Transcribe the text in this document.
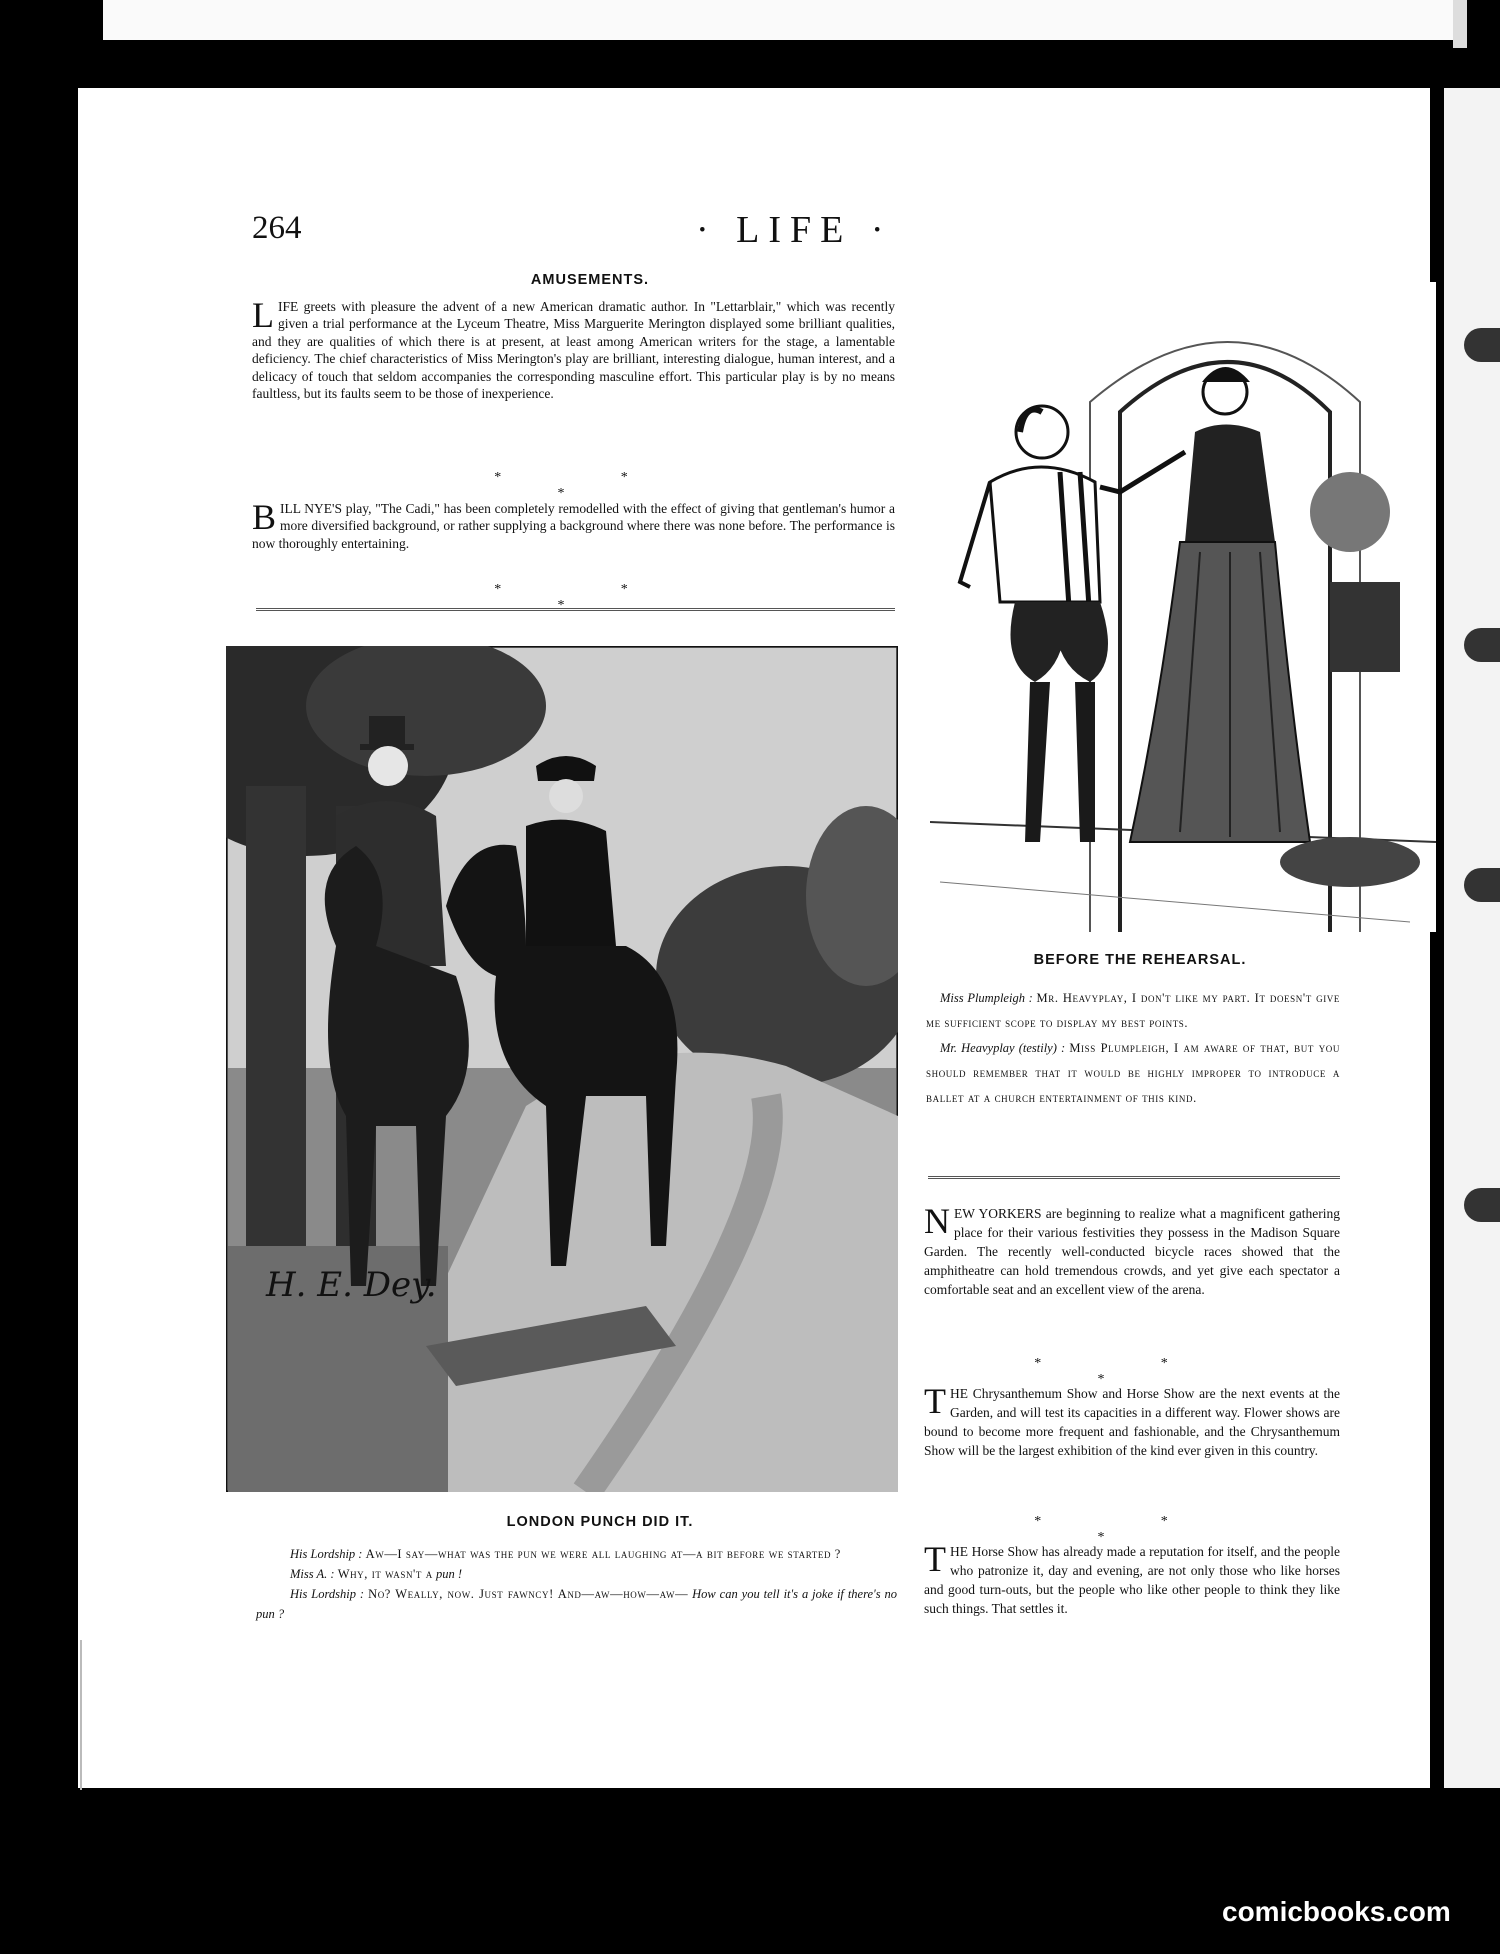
264	· LIFE ·
AMUSEMENTS.
L IFE greets with pleasure the advent of a new American dramatic author. In "Lettarblair," which was recently given a trial performance at the Lyceum Theatre, Miss Marguerite Merington displayed some brilliant qualities, and they are qualities of which there is at present, at least among American writers for the stage, a lamentable deficiency. The chief characteristics of Miss Merington's play are brilliant, interesting dialogue, human interest, and a delicacy of touch that seldom accompanies the corresponding masculine effort. This particular play is by no means faultless, but its faults seem to be those of inexperience.
* * *
B ILL NYE'S play, "The Cadi," has been completely remodelled with the effect of giving that gentleman's humor a more diversified background, or rather supplying a background where there was none before. The performance is now thoroughly entertaining.
* * *
H. E. Dey.
LONDON PUNCH DID IT.

His Lordship : Aw—I say—what was the pun we were all laughing at—a bit before we started ?

Miss A. : Why, it wasn't a pun !

His Lordship : No? Weally, now. Just fawncy! And—aw—how—aw— How can you tell it's a joke if there's no pun ?

BEFORE THE REHEARSAL.

Miss Plumpleigh : Mr. Heavyplay, I don't like my part. It doesn't give me sufficient scope to display my best points.

Mr. Heavyplay (testily) : Miss Plumpleigh, I am aware of that, but you should remember that it would be highly improper to introduce a ballet at a church entertainment of this kind.

N EW YORKERS are beginning to realize what a magnificent gathering place for their various festivities they possess in the Madison Square Garden. The recently well-conducted bicycle races showed that the amphitheatre can hold tremendous crowds, and yet give each spectator a comfortable seat and an excellent view of the arena.
* * *
T HE Chrysanthemum Show and Horse Show are the next events at the Garden, and will test its capacities in a different way. Flower shows are bound to become more frequent and fashionable, and the Chrysanthemum Show will be the largest exhibition of the kind ever given in this country.
* * *
T HE Horse Show has already made a reputation for itself, and the people who patronize it, day and evening, are not only those who like horses and good turn-outs, but the people who like other people to think they like such things. That settles it.
comicbooks.com
